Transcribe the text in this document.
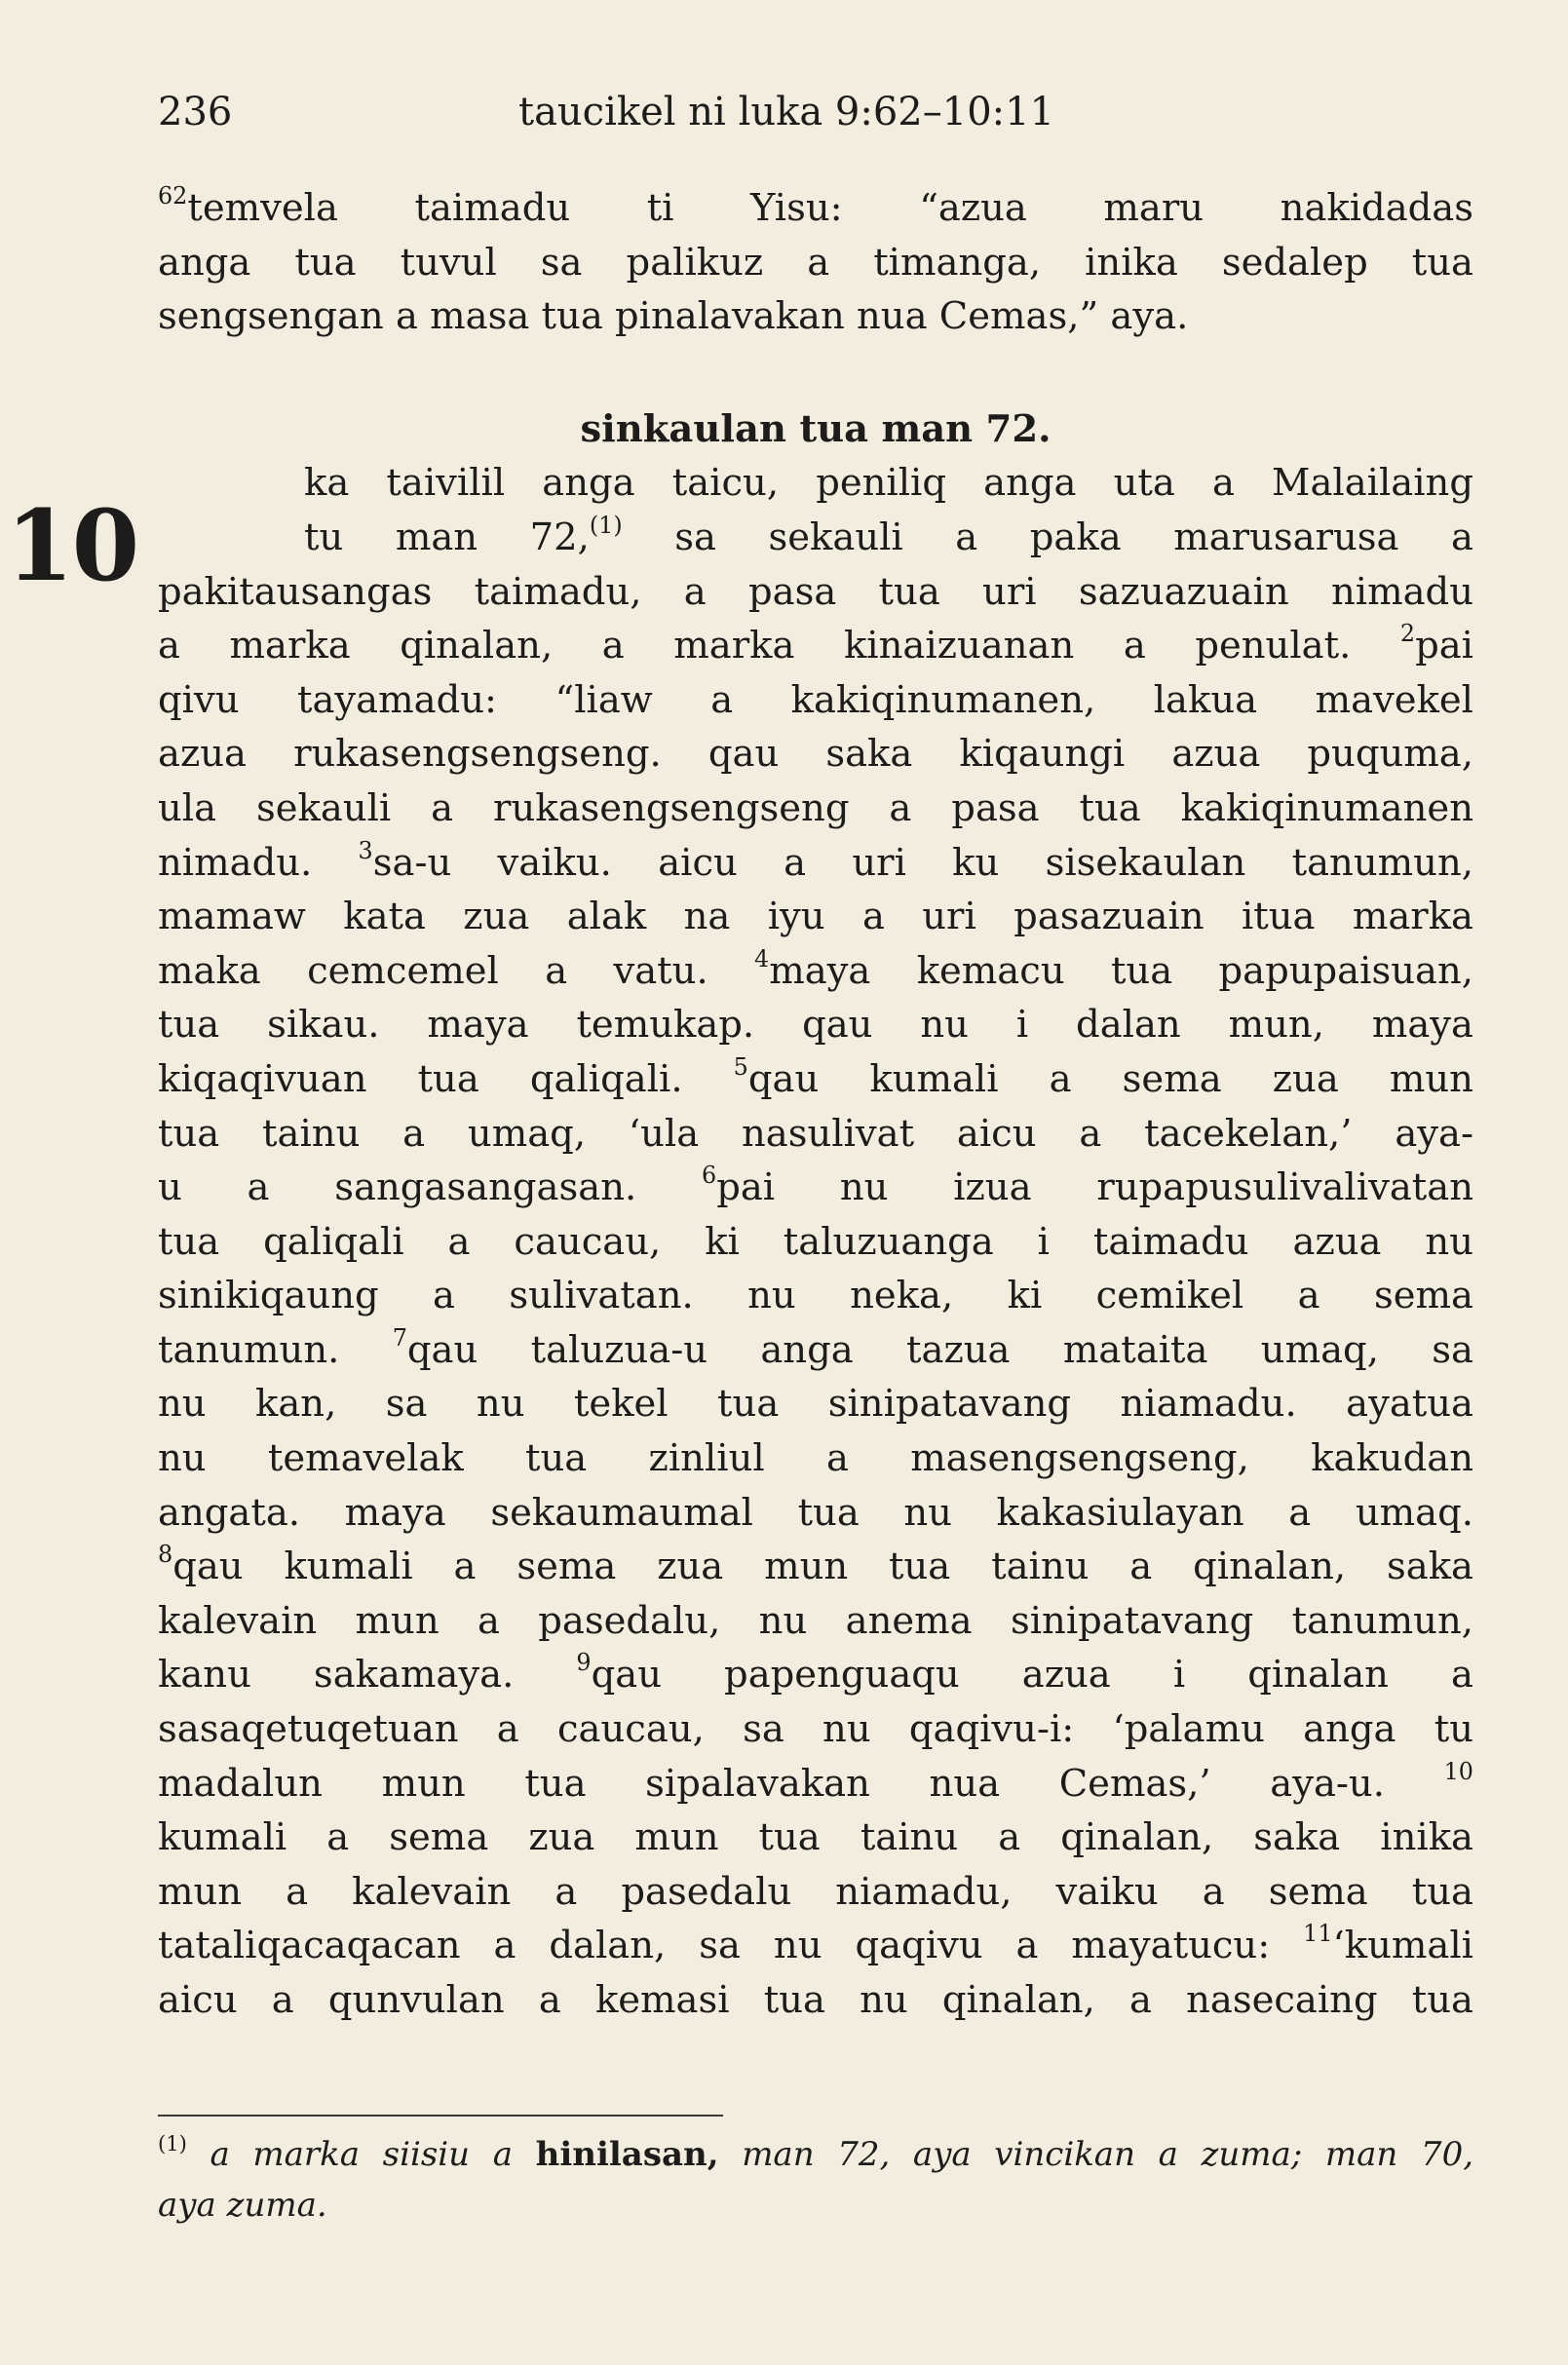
236	taucikel ni luka 9:62–10:11
10
$^{62}$temvela taimadu ti Yisu: “azua maru nakidadas
anga tua tuvul sa palikuz a timanga, inika sedalep tua
sengsengan a masa tua pinalavakan nua Cemas,” aya.
sinkaulan tua man 72.
ka taivilil anga taicu, peniliq anga uta a Malailaing
tu man 72,$^{(1)}$ sa sekauli a paka marusarusa a
pakitausangas taimadu, a pasa tua uri sazuazuain nimadu
a marka qinalan, a marka kinaizuanan a penulat. $^2$pai
qivu tayamadu: “liaw a kakiqinumanen, lakua mavekel
azua rukasengsengseng. qau saka kiqaungi azua puquma,
ula sekauli a rukasengsengseng a pasa tua kakiqinumanen
nimadu. $^3$sa-u vaiku. aicu a uri ku sisekaulan tanumun,
mamaw kata zua alak na iyu a uri pasazuain itua marka
maka cemcemel a vatu. $^4$maya kemacu tua papupaisuan,
tua sikau. maya temukap. qau nu i dalan mun, maya
kiqaqivuan tua qaliqali. $^5$qau kumali a sema zua mun
tua tainu a umaq, ‘ula nasulivat aicu a tacekelan,’ aya-
u a sangasangasan.	$^6$pai nu izua rupapusulivalivatan
tua qaliqali a caucau, ki taluzuanga i taimadu azua nu
sinikiqaung a sulivatan. nu neka, ki cemikel a sema
tanumun. $^7$qau taluzua-u anga tazua mataita umaq, sa
nu kan, sa nu tekel tua sinipatavang niamadu. ayatua
nu temavelak tua zinliul a masengsengseng, kakudan
angata. maya sekaumaumal tua nu kakasiulayan a umaq.
$^8$qau kumali a sema zua mun tua tainu a qinalan, saka
kalevain mun a pasedalu, nu anema sinipatavang tanumun,
kanu sakamaya.	$^9$qau papenguaqu azua i qinalan a
sasaqetuqetuan a caucau, sa nu qaqivu-i: ‘palamu anga tu
madalun mun tua sipalavakan nua Cemas,’ aya-u.	$^{10}$
kumali a sema zua mun tua tainu a qinalan, saka inika
mun a kalevain a pasedalu niamadu, vaiku a sema tua
tataliqacaqacan a dalan, sa nu qaqivu a mayatucu: $^{11}$‘kumali
aicu a qunvulan a kemasi tua nu qinalan, a nasecaing tua
$^{(1)}$ a marka siisiu a hinilasan, man 72, aya vincikan a zuma; man 70,
aya zuma.
